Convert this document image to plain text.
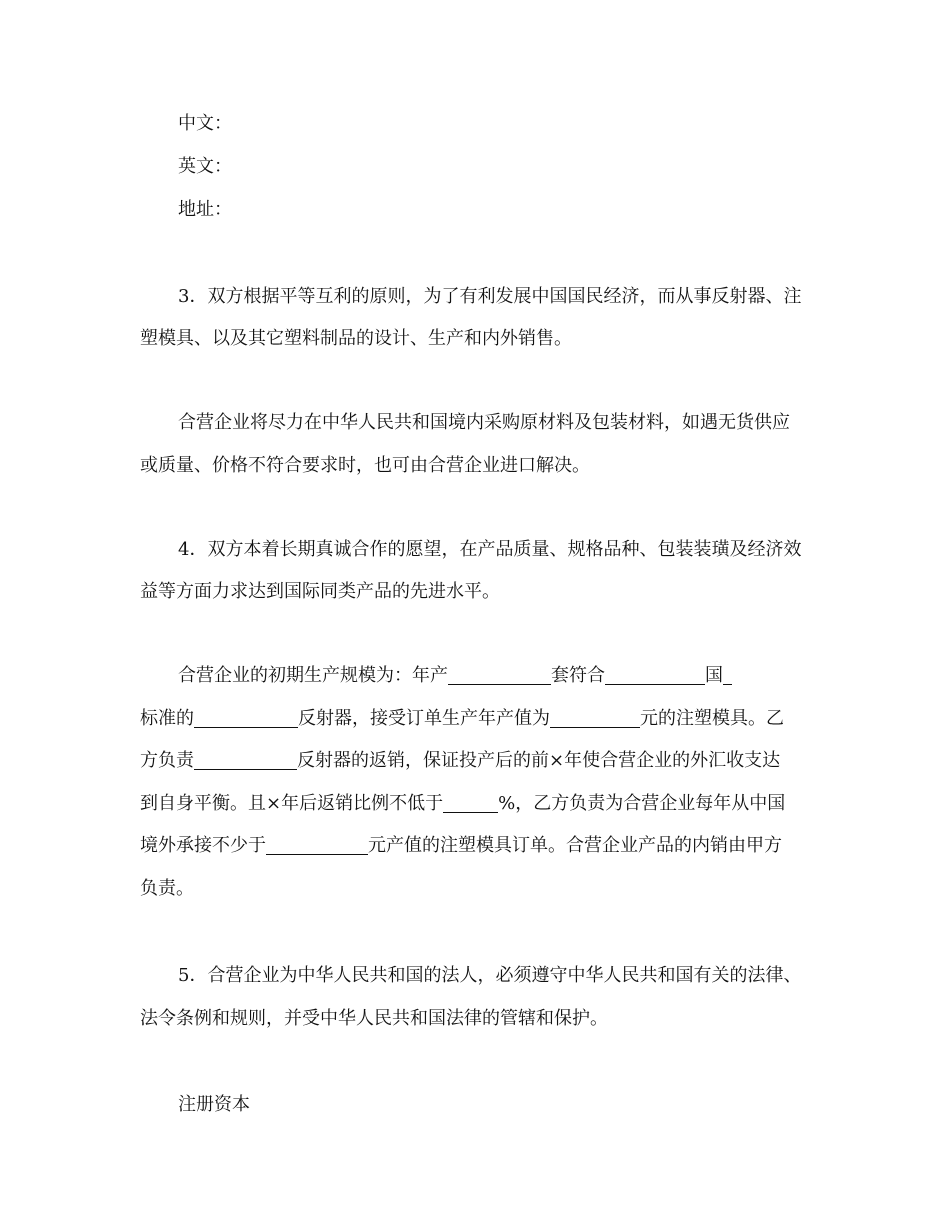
中文：
英文：
地址：
3．双方根据平等互利的原则，为了有利发展中国国民经济，而从事反射器、注
塑模具、以及其它塑料制品的设计、生产和内外销售。
合营企业将尽力在中华人民共和国境内采购原材料及包装材料，如遇无货供应
或质量、价格不符合要求时，也可由合营企业进口解决。
4．双方本着长期真诚合作的愿望，在产品质量、规格品种、包装装璜及经济效
益等方面力求达到国际同类产品的先进水平。
合营企业的初期生产规模为：年产	套符合	国
标准的	反射器，接受订单生产年产值为	元的注塑模具。乙
方负责	反射器的返销，保证投产后的前×年使合营企业的外汇收支达
到自身平衡。且×年后返销比例不低于	%，乙方负责为合营企业每年从中国
境外承接不少于	元产值的注塑模具订单。合营企业产品的内销由甲方
负责。
5．合营企业为中华人民共和国的法人，必须遵守中华人民共和国有关的法律、
法令条例和规则，并受中华人民共和国法律的管辖和保护。
注册资本
